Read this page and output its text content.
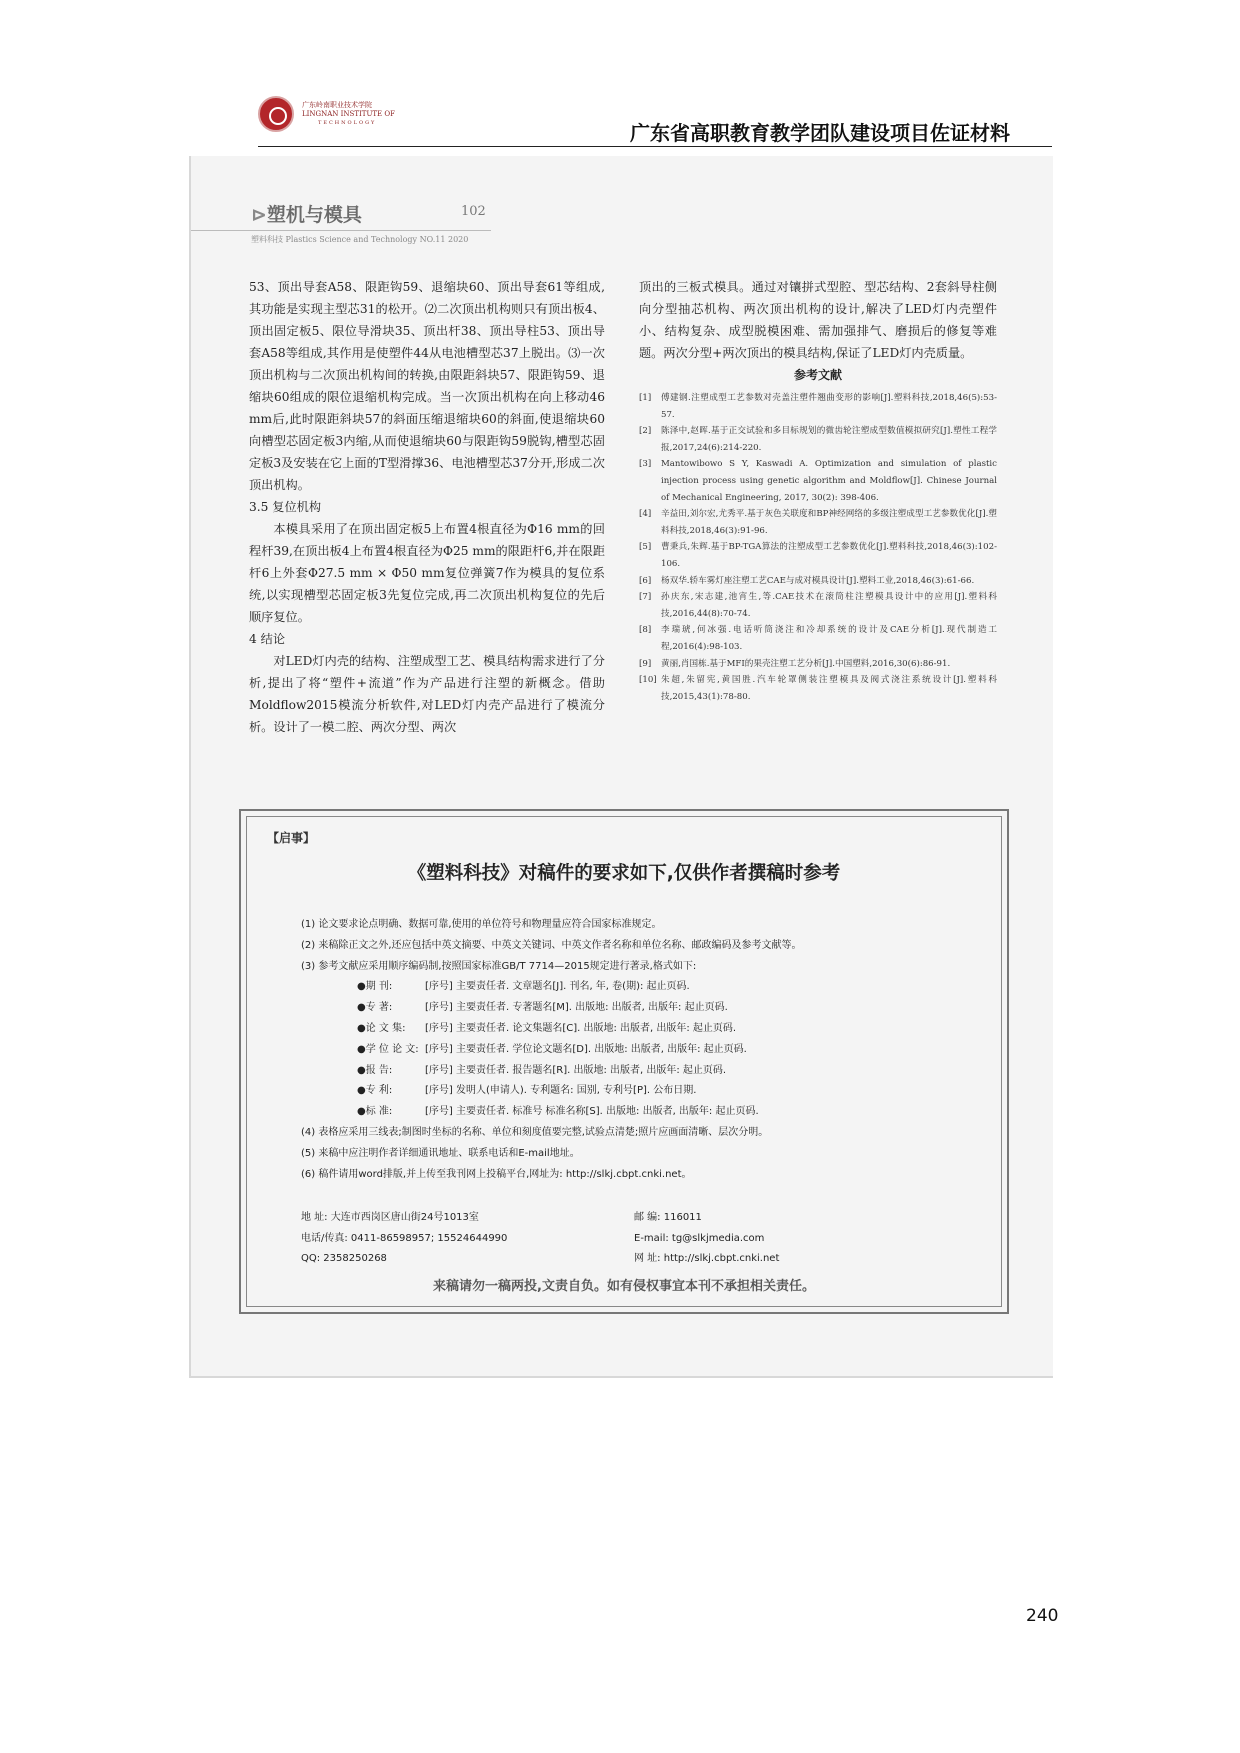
广东岭南职业技术学院
LINGNAN INSTITUTE OF
TECHNOLOGY	广东省高职教育教学团队建设项目佐证材料
⊳塑机与模具	102
塑料科技 Plastics Science and Technology NO.11 2020

53、顶出导套A58、限距钩59、退缩块60、顶出导套61等组成,其功能是实现主型芯31的松开。⑵二次顶出机构则只有顶出板4、顶出固定板5、限位导滑块35、顶出杆38、顶出导柱53、顶出导套A58等组成,其作用是使塑件44从电池槽型芯37上脱出。⑶一次顶出机构与二次顶出机构间的转换,由限距斜块57、限距钩59、退缩块60组成的限位退缩机构完成。当一次顶出机构在向上移动46 mm后,此时限距斜块57的斜面压缩退缩块60的斜面,使退缩块60向槽型芯固定板3内缩,从而使退缩块60与限距钩59脱钩,槽型芯固定板3及安装在它上面的T型滑撑36、电池槽型芯37分开,形成二次顶出机构。

3.5 复位机构

本模具采用了在顶出固定板5上布置4根直径为Φ16 mm的回程杆39,在顶出板4上布置4根直径为Φ25 mm的限距杆6,并在限距杆6上外套Φ27.5 mm × Φ50 mm复位弹簧7作为模具的复位系统,以实现槽型芯固定板3先复位完成,再二次顶出机构复位的先后顺序复位。

4 结论

对LED灯内壳的结构、注塑成型工艺、模具结构需求进行了分析,提出了将“塑件+流道”作为产品进行注塑的新概念。借助Moldflow2015模流分析软件,对LED灯内壳产品进行了模流分析。设计了一模二腔、两次分型、两次

顶出的三板式模具。通过对镶拼式型腔、型芯结构、2套斜导柱侧向分型抽芯机构、两次顶出机构的设计,解决了LED灯内壳塑件小、结构复杂、成型脱模困难、需加强排气、磨损后的修复等难题。两次分型+两次顶出的模具结构,保证了LED灯内壳质量。

参考文献

[1] 傅建钢.注塑成型工艺参数对壳盖注塑件翘曲变形的影响[J].塑料科技,2018,46(5):53-57.
[2] 陈泽中,赵晖.基于正交试验和多目标规划的微齿轮注塑成型数值模拟研究[J].塑性工程学报,2017,24(6):214-220.
[3] Mantowibowo S Y, Kaswadi A. Optimization and simulation of plastic injection process using genetic algorithm and Moldflow[J]. Chinese Journal of Mechanical Engineering, 2017, 30(2): 398-406.
[4] 辛益田,刘尔宏,尤秀平.基于灰色关联度和BP神经网络的多级注塑成型工艺参数优化[J].塑料科技,2018,46(3):91-96.
[5] 曹秉兵,朱辉.基于BP-TGA算法的注塑成型工艺参数优化[J].塑料科技,2018,46(3):102-106.
[6] 杨双华.轿车雾灯座注塑工艺CAE与成对模具设计[J].塑料工业,2018,46(3):61-66.
[7] 孙庆东,宋志建,池宵生,等.CAE技术在滚筒柱注塑模具设计中的应用[J].塑料科技,2016,44(8):70-74.
[8] 李瑞琥,何冰强.电话听筒浇注和冷却系统的设计及CAE分析[J].现代制造工程,2016(4):98-103.
[9] 黄丽,肖国栋.基于MFI的果壳注塑工艺分析[J].中国塑料,2016,30(6):86-91.
[10] 朱超,朱留宪,黄国胜.汽车轮罩侧装注塑模具及阀式浇注系统设计[J].塑料科技,2015,43(1):78-80.
【启事】
《塑料科技》对稿件的要求如下,仅供作者撰稿时参考
(1) 论文要求论点明确、数据可靠,使用的单位符号和物理量应符合国家标准规定。
(2) 来稿除正文之外,还应包括中英文摘要、中英文关键词、中英文作者名称和单位名称、邮政编码及参考文献等。
(3) 参考文献应采用顺序编码制,按照国家标准GB/T 7714—2015规定进行著录,格式如下:
●期 刊:	[序号] 主要责任者. 文章题名[J]. 刊名, 年, 卷(期): 起止页码.
●专 著:	[序号] 主要责任者. 专著题名[M]. 出版地: 出版者, 出版年: 起止页码.
●论 文 集: [序号] 主要责任者. 论文集题名[C]. 出版地: 出版者, 出版年: 起止页码.
●学 位 论 文: [序号] 主要责任者. 学位论文题名[D]. 出版地: 出版者, 出版年: 起止页码.
●报 告:	[序号] 主要责任者. 报告题名[R]. 出版地: 出版者, 出版年: 起止页码.
●专 利:	[序号] 发明人(申请人). 专利题名: 国别, 专利号[P]. 公布日期.
●标 准:	[序号] 主要责任者. 标准号 标准名称[S]. 出版地: 出版者, 出版年: 起止页码.
(4) 表格应采用三线表;制图时坐标的名称、单位和刻度值要完整,试验点清楚;照片应画面清晰、层次分明。
(5) 来稿中应注明作者详细通讯地址、联系电话和E-mail地址。
(6) 稿件请用word排版,并上传至我刊网上投稿平台,网址为: http://slkj.cbpt.cnki.net。
地 址: 大连市西岗区唐山街24号1013室	邮 编: 116011
电话/传真: 0411-86598957; 15524644990	E-mail: tg@slkjmedia.com
QQ: 2358250268	网 址: http://slkj.cbpt.cnki.net
来稿请勿一稿两投,文责自负。如有侵权事宜本刊不承担相关责任。
240
